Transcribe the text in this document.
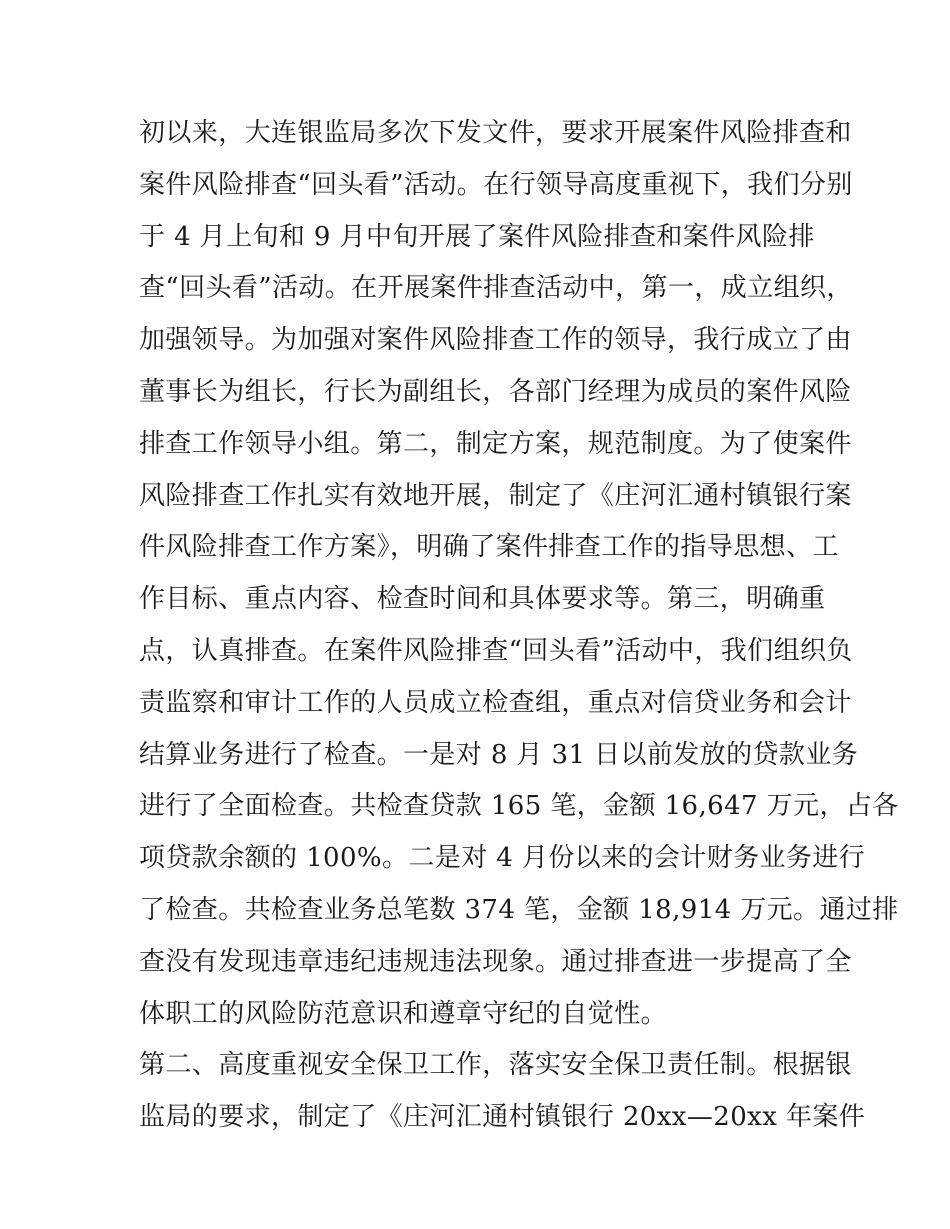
初以来，大连银监局多次下发文件，要求开展案件风险排查和
案件风险排查“回头看”活动。在行领导高度重视下，我们分别
于 4 月上旬和 9 月中旬开展了案件风险排查和案件风险排
查“回头看”活动。在开展案件排查活动中，第一，成立组织，
加强领导。为加强对案件风险排查工作的领导，我行成立了由
董事长为组长，行长为副组长，各部门经理为成员的案件风险
排查工作领导小组。第二，制定方案，规范制度。为了使案件
风险排查工作扎实有效地开展，制定了《庄河汇通村镇银行案
件风险排查工作方案》，明确了案件排查工作的指导思想、工
作目标、重点内容、检查时间和具体要求等。第三，明确重
点，认真排查。在案件风险排查“回头看”活动中，我们组织负
责监察和审计工作的人员成立检查组，重点对信贷业务和会计
结算业务进行了检查。一是对 8 月 31 日以前发放的贷款业务
进行了全面检查。共检查贷款 165 笔，金额 16,647 万元，占各
项贷款余额的 100%。二是对 4 月份以来的会计财务业务进行
了检查。共检查业务总笔数 374 笔，金额 18,914 万元。通过排
查没有发现违章违纪违规违法现象。通过排查进一步提高了全
体职工的风险防范意识和遵章守纪的自觉性。
第二、高度重视安全保卫工作，落实安全保卫责任制。根据银
监局的要求，制定了《庄河汇通村镇银行 20xx—20xx 年案件
